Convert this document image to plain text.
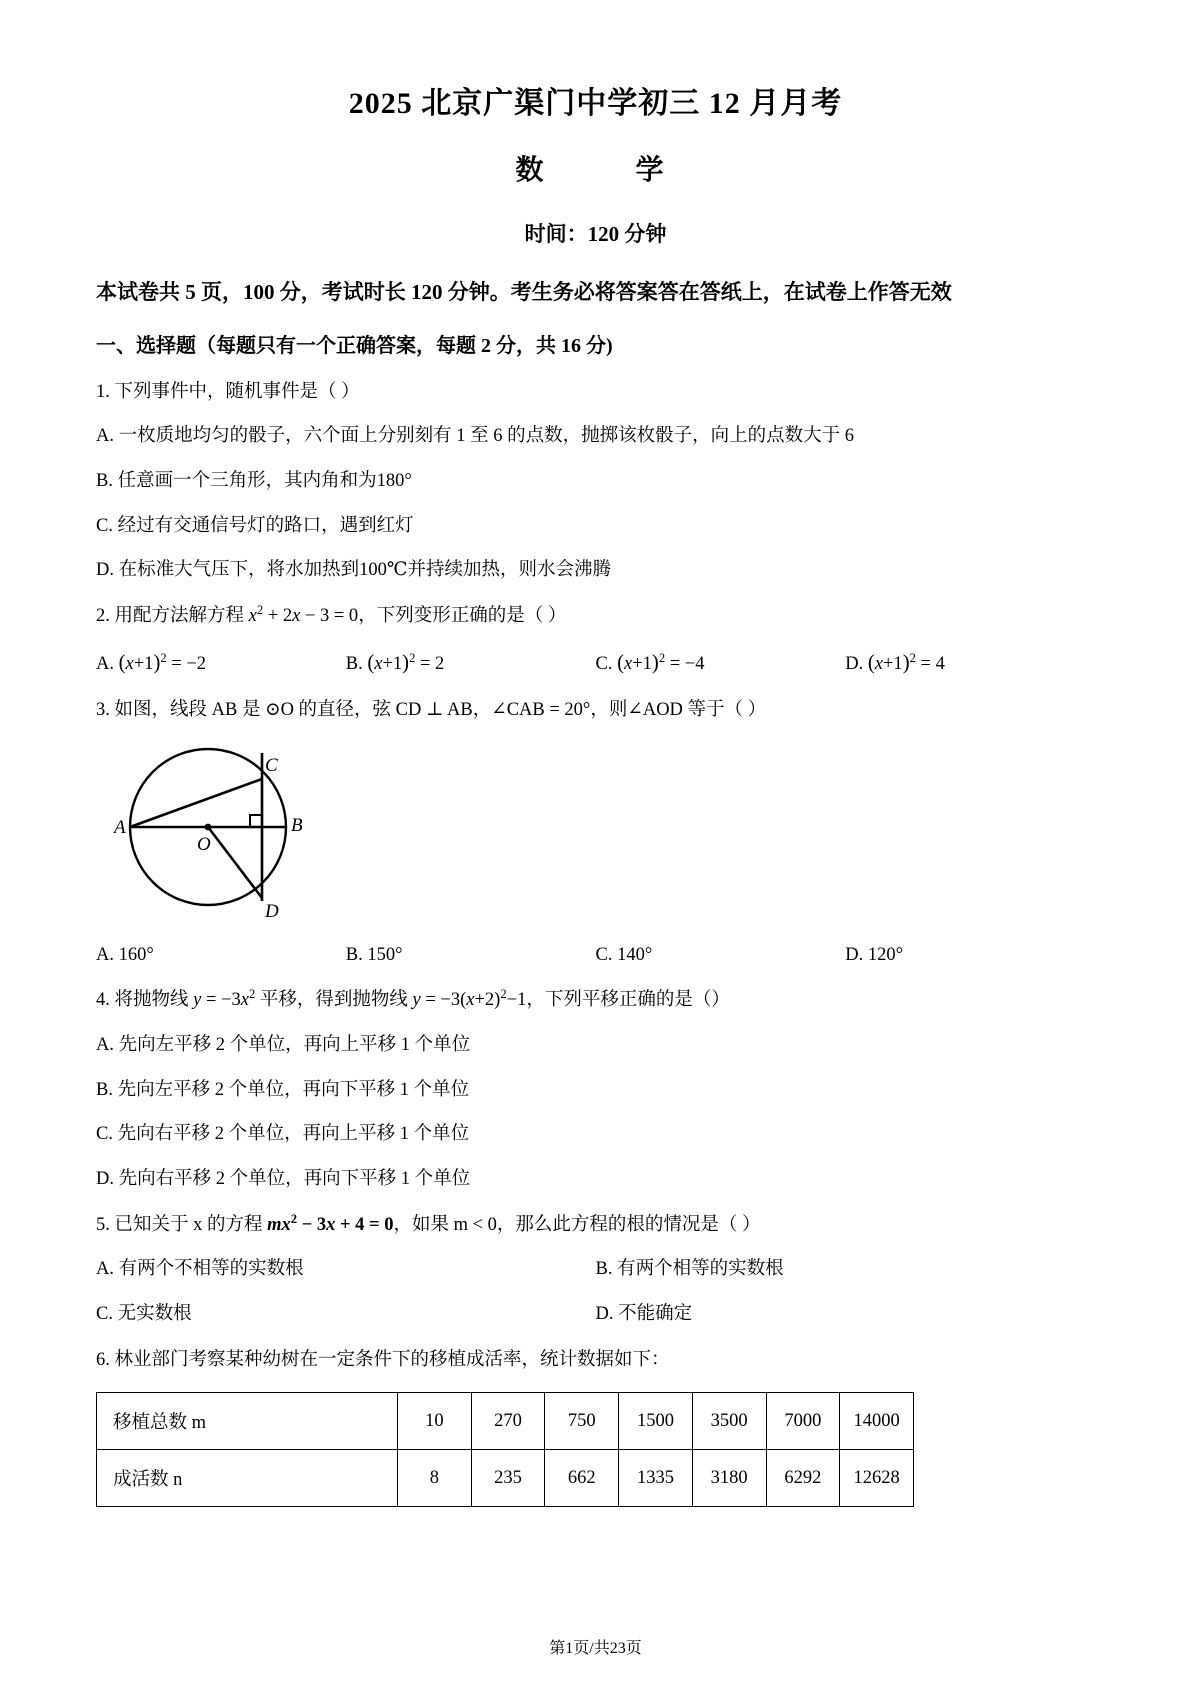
2025 北京广渠门中学初三 12 月月考
数　　学

时间：120 分钟

本试卷共 5 页，100 分，考试时长 120 分钟。考生务必将答案答在答纸上，在试卷上作答无效

一、选择题（每题只有一个正确答案，每题 2 分，共 16 分)

1. 下列事件中，随机事件是（ ）

A. 一枚质地均匀的骰子，六个面上分别刻有 1 至 6 的点数，抛掷该枚骰子，向上的点数大于 6

B. 任意画一个三角形，其内角和为180°

C. 经过有交通信号灯的路口，遇到红灯

D. 在标准大气压下，将水加热到100℃并持续加热，则水会沸腾

2. 用配方法解方程 $x^2 + 2x - 3 = 0$，下列变形正确的是（ ）

A. $(x+1)^2 = -2$	B. $(x+1)^2 = 2$	C. $(x+1)^2 = -4$	D. $(x+1)^2 = 4$

3. 如图，线段 AB 是 ⊙O 的直径，弦 CD ⊥ AB，∠CAB = 20°，则∠AOD 等于（ ）

A	B
C
D
O
A. 160°	B. 150°	C. 140°	D. 120°

4. 将抛物线 $y = -3x^2$ 平移，得到抛物线 $y = -3(x+2)^2-1$，下列平移正确的是（）

A. 先向左平移 2 个单位，再向上平移 1 个单位

B. 先向左平移 2 个单位，再向下平移 1 个单位

C. 先向右平移 2 个单位，再向上平移 1 个单位

D. 先向右平移 2 个单位，再向下平移 1 个单位

5. 已知关于 x 的方程 $mx^2 - 3x + 4 = 0$，如果 m < 0，那么此方程的根的情况是（ ）

A. 有两个不相等的实数根	B. 有两个相等的实数根
C. 无实数根	D. 不能确定

6. 林业部门考察某种幼树在一定条件下的移植成活率，统计数据如下：

移植总数 m	10	270	750	1500	3500	7000	14000
成活数 n	8	235	662	1335	3180	6292	12628
第1页/共23页
